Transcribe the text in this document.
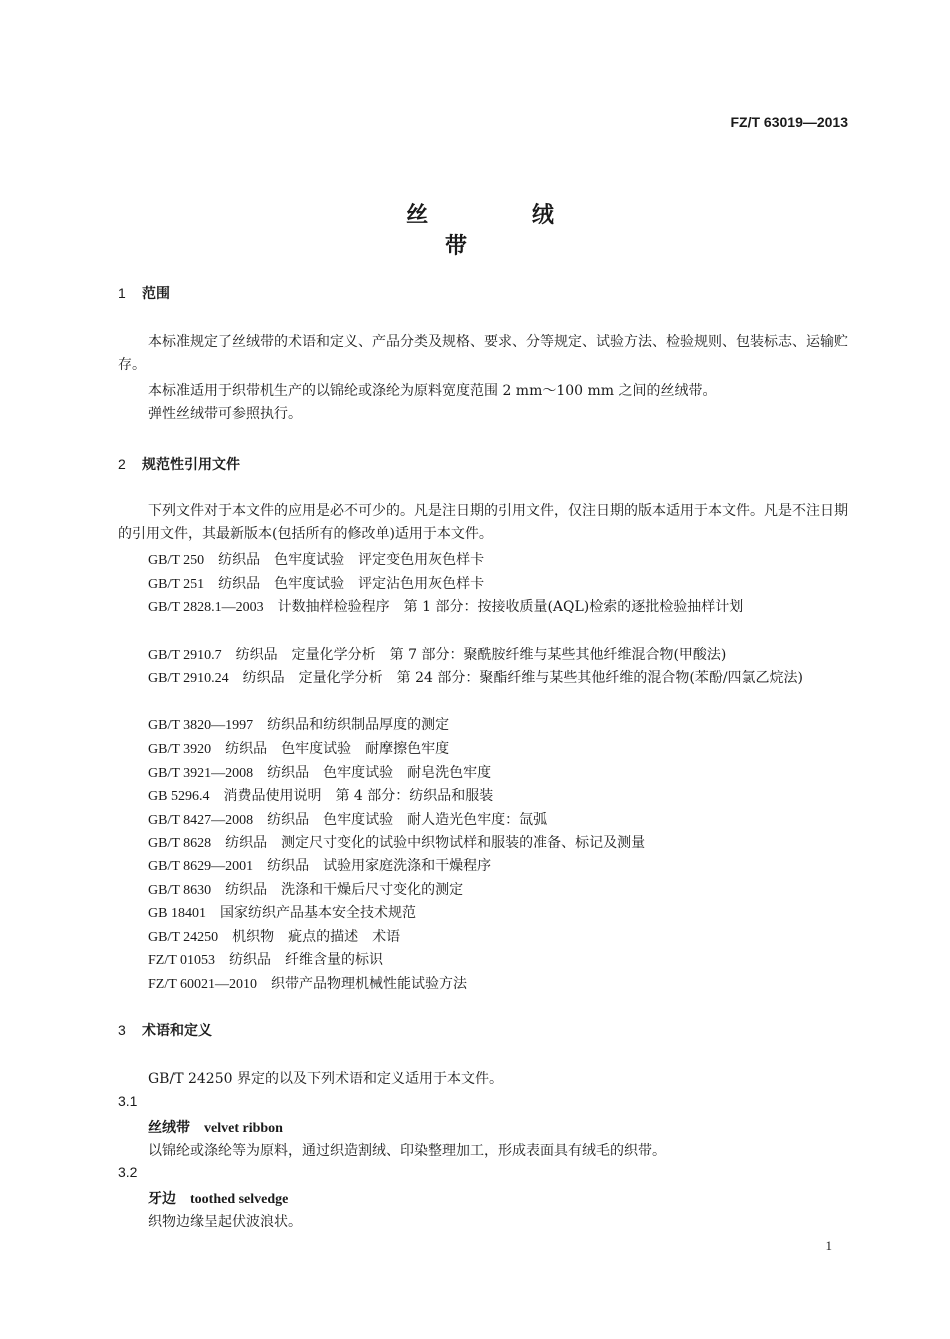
FZ/T 63019—2013
丝 绒 带
1 范围
本标准规定了丝绒带的术语和定义、产品分类及规格、要求、分等规定、试验方法、检验规则、包装标志、运输贮存。
本标准适用于织带机生产的以锦纶或涤纶为原料宽度范围 2 mm～100 mm 之间的丝绒带。
弹性丝绒带可参照执行。
2 规范性引用文件
下列文件对于本文件的应用是必不可少的。凡是注日期的引用文件，仅注日期的版本适用于本文件。凡是不注日期的引用文件，其最新版本(包括所有的修改单)适用于本文件。
GB/T 250　 纺织品　色牢度试验　评定变色用灰色样卡
GB/T 251　 纺织品　色牢度试验　评定沾色用灰色样卡
GB/T 2828.1—2003　 计数抽样检验程序　第 1 部分：按接收质量(AQL)检索的逐批检验抽样计划
GB/T 2910.7　 纺织品　定量化学分析　第 7 部分：聚酰胺纤维与某些其他纤维混合物(甲酸法)
GB/T 2910.24　 纺织品　定量化学分析　第 24 部分：聚酯纤维与某些其他纤维的混合物(苯酚/四氯乙烷法)
GB/T 3820—1997　 纺织品和纺织制品厚度的测定
GB/T 3920　 纺织品　色牢度试验　耐摩擦色牢度
GB/T 3921—2008　 纺织品　色牢度试验　耐皂洗色牢度
GB 5296.4　 消费品使用说明　第 4 部分：纺织品和服装
GB/T 8427—2008　 纺织品　色牢度试验　耐人造光色牢度：氙弧
GB/T 8628　 纺织品　测定尺寸变化的试验中织物试样和服装的准备、标记及测量
GB/T 8629—2001　 纺织品　试验用家庭洗涤和干燥程序
GB/T 8630　 纺织品　洗涤和干燥后尺寸变化的测定
GB 18401　 国家纺织产品基本安全技术规范
GB/T 24250　 机织物　疵点的描述　术语
FZ/T 01053　 纺织品　纤维含量的标识
FZ/T 60021—2010　 织带产品物理机械性能试验方法
3 术语和定义
GB/T 24250 界定的以及下列术语和定义适用于本文件。
3.1
丝绒带 velvet ribbon
以锦纶或涤纶等为原料，通过织造割绒、印染整理加工，形成表面具有绒毛的织带。
3.2
牙边 toothed selvedge
织物边缘呈起伏波浪状。
1
